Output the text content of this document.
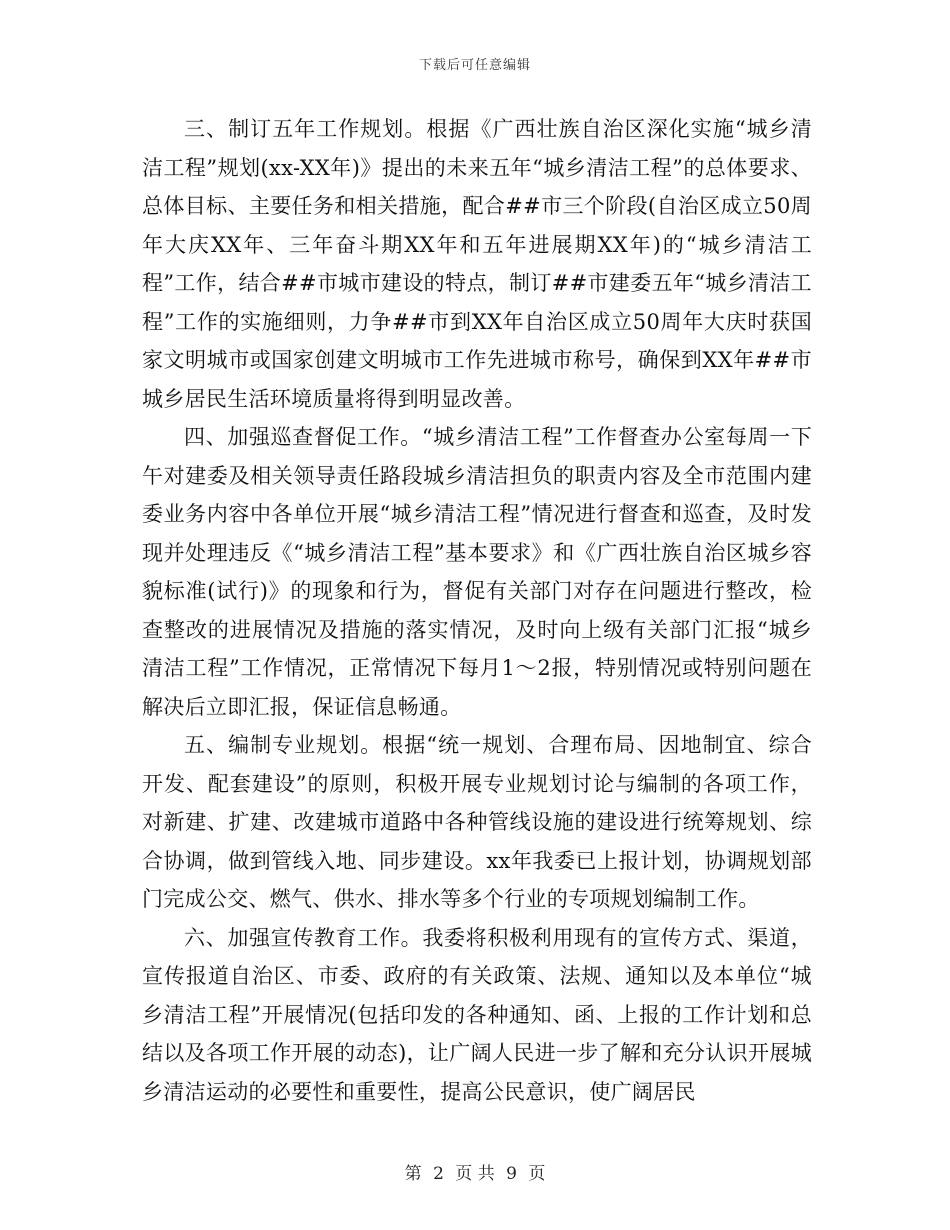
下载后可任意编辑

三、制订五年工作规划。根据《广西壮族自治区深化实施“城乡清洁工程”规划(xx-XX年)》提出的未来五年“城乡清洁工程”的总体要求、总体目标、主要任务和相关措施，配合##市三个阶段(自治区成立50周年大庆XX年、三年奋斗期XX年和五年进展期XX年)的“城乡清洁工程”工作，结合##市城市建设的特点，制订##市建委五年“城乡清洁工程”工作的实施细则，力争##市到XX年自治区成立50周年大庆时获国家文明城市或国家创建文明城市工作先进城市称号，确保到XX年##市城乡居民生活环境质量将得到明显改善。

四、加强巡查督促工作。“城乡清洁工程”工作督查办公室每周一下午对建委及相关领导责任路段城乡清洁担负的职责内容及全市范围内建委业务内容中各单位开展“城乡清洁工程”情况进行督查和巡查，及时发现并处理违反《“城乡清洁工程”基本要求》和《广西壮族自治区城乡容貌标准(试行)》的现象和行为，督促有关部门对存在问题进行整改，检查整改的进展情况及措施的落实情况，及时向上级有关部门汇报“城乡清洁工程”工作情况，正常情况下每月1～2报，特别情况或特别问题在解决后立即汇报，保证信息畅通。

五、编制专业规划。根据“统一规划、合理布局、因地制宜、综合开发、配套建设”的原则，积极开展专业规划讨论与编制的各项工作，对新建、扩建、改建城市道路中各种管线设施的建设进行统筹规划、综合协调，做到管线入地、同步建设。xx年我委已上报计划，协调规划部门完成公交、燃气、供水、排水等多个行业的专项规划编制工作。

六、加强宣传教育工作。我委将积极利用现有的宣传方式、渠道，宣传报道自治区、市委、政府的有关政策、法规、通知以及本单位“城乡清洁工程”开展情况(包括印发的各种通知、函、上报的工作计划和总结以及各项工作开展的动态)，让广阔人民进一步了解和充分认识开展城乡清洁运动的必要性和重要性，提高公民意识，使广阔居民

第 2 页 共 9 页
